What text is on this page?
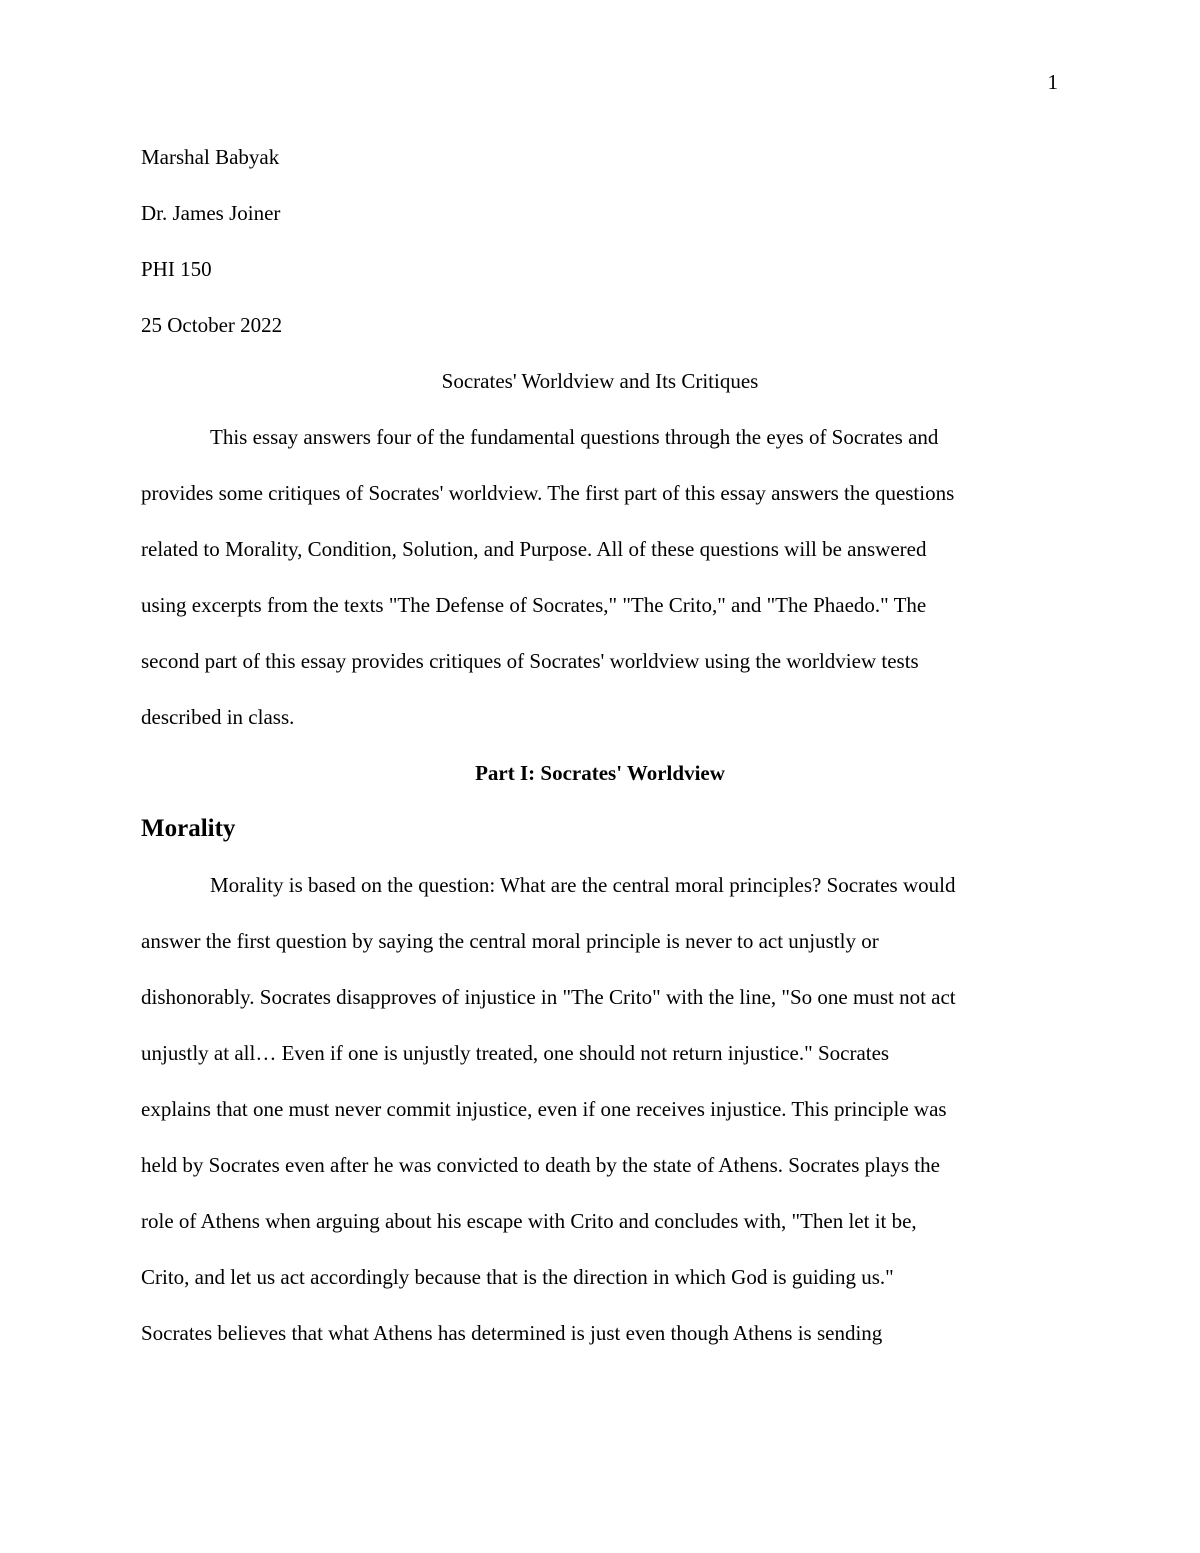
1
Marshal Babyak
Dr. James Joiner
PHI 150
25 October 2022
Socrates' Worldview and Its Critiques
This essay answers four of the fundamental questions through the eyes of Socrates and
provides some critiques of Socrates' worldview. The first part of this essay answers the questions
related to Morality, Condition, Solution, and Purpose. All of these questions will be answered
using excerpts from the texts "The Defense of Socrates," "The Crito," and "The Phaedo." The
second part of this essay provides critiques of Socrates' worldview using the worldview tests
described in class.
Part I: Socrates' Worldview
Morality
Morality is based on the question: What are the central moral principles? Socrates would
answer the first question by saying the central moral principle is never to act unjustly or
dishonorably. Socrates disapproves of injustice in "The Crito" with the line, "So one must not act
unjustly at all… Even if one is unjustly treated, one should not return injustice." Socrates
explains that one must never commit injustice, even if one receives injustice. This principle was
held by Socrates even after he was convicted to death by the state of Athens. Socrates plays the
role of Athens when arguing about his escape with Crito and concludes with, "Then let it be,
Crito, and let us act accordingly because that is the direction in which God is guiding us."
Socrates believes that what Athens has determined is just even though Athens is sending
